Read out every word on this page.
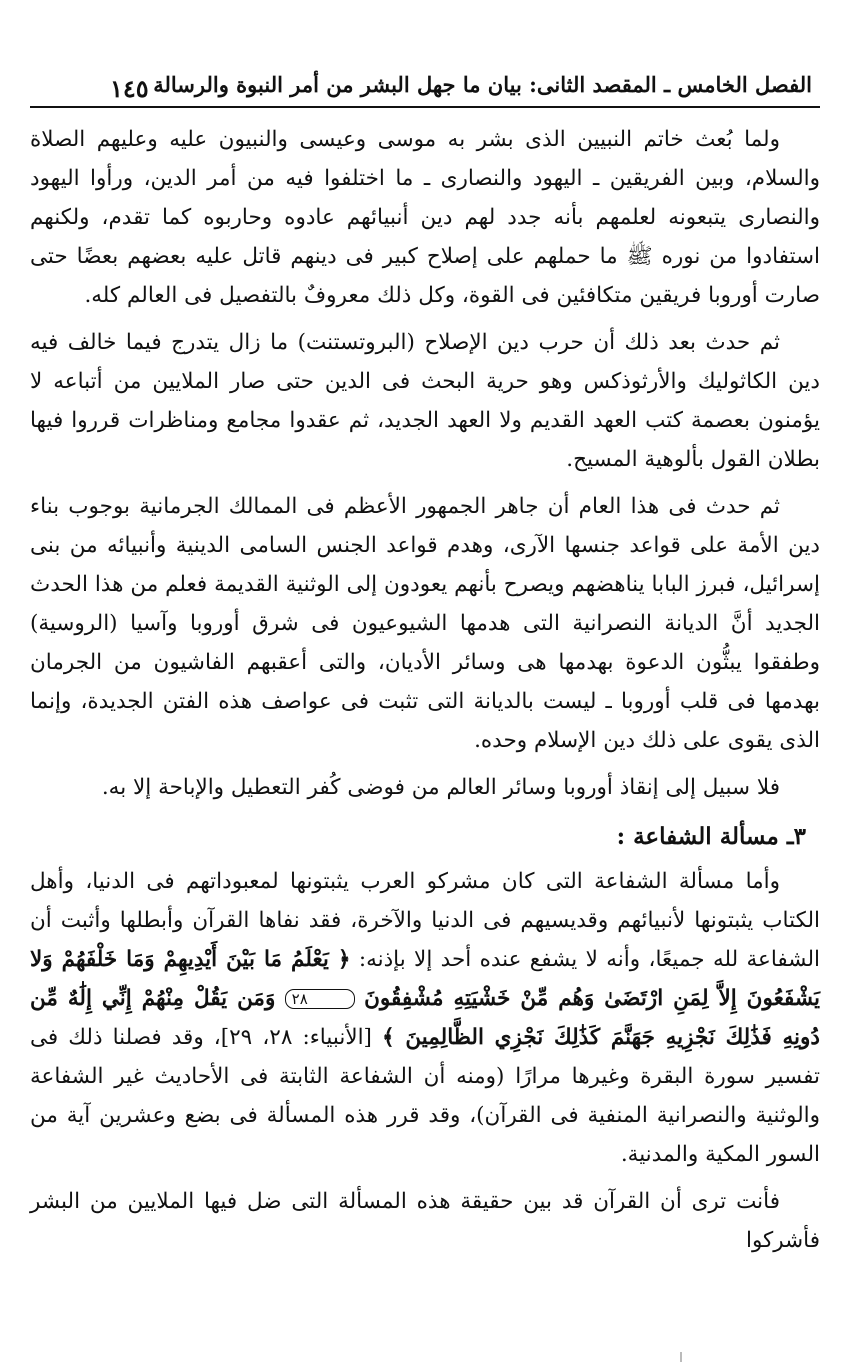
١٤٥ الفصل الخامس ـ المقصد الثانى: بيان ما جهل البشر من أمر النبوة والرسالة

ولما بُعث خاتم النبيين الذى بشر به موسى وعيسى والنبيون عليه وعليهم الصلاة والسلام، وبين الفريقين ـ اليهود والنصارى ـ ما اختلفوا فيه من أمر الدين، ورأوا اليهود والنصارى يتبعونه لعلمهم بأنه جدد لهم دين أنبيائهم عادوه وحاربوه كما تقدم، ولكنهم استفادوا من نوره ﷺ ما حملهم على إصلاح كبير فى دينهم قاتل عليه بعضهم بعضًا حتى صارت أوروبا فريقين متكافئين فى القوة، وكل ذلك معروفٌ بالتفصيل فى العالم كله.

ثم حدث بعد ذلك أن حرب دين الإصلاح (البروتستنت) ما زال يتدرج فيما خالف فيه دين الكاثوليك والأرثوذكس وهو حرية البحث فى الدين حتى صار الملايين من أتباعه لا يؤمنون بعصمة كتب العهد القديم ولا العهد الجديد، ثم عقدوا مجامع ومناظرات قرروا فيها بطلان القول بألوهية المسيح.

ثم حدث فى هذا العام أن جاهر الجمهور الأعظم فى الممالك الجرمانية بوجوب بناء دين الأمة على قواعد جنسها الآرى، وهدم قواعد الجنس السامى الدينية وأنبيائه من بنى إسرائيل، فبرز البابا يناهضهم ويصرح بأنهم يعودون إلى الوثنية القديمة فعلم من هذا الحدث الجديد أنَّ الديانة النصرانية التى هدمها الشيوعيون فى شرق أوروبا وآسيا (الروسية) وطفقوا يبثُّون الدعوة بهدمها هى وسائر الأديان، والتى أعقبهم الفاشيون من الجرمان بهدمها فى قلب أوروبا ـ ليست بالديانة التى تثبت فى عواصف هذه الفتن الجديدة، وإنما الذى يقوى على ذلك دين الإسلام وحده.

فلا سبيل إلى إنقاذ أوروبا وسائر العالم من فوضى كُفر التعطيل والإباحة إلا به.

٣ـ مسألة الشفاعة :

وأما مسألة الشفاعة التى كان مشركو العرب يثبتونها لمعبوداتهم فى الدنيا، وأهل الكتاب يثبتونها لأنبيائهم وقديسيهم فى الدنيا والآخرة، فقد نفاها القرآن وأبطلها وأثبت أن الشفاعة لله جميعًا، وأنه لا يشفع عنده أحد إلا بإذنه: ﴿ يَعْلَمُ مَا بَيْنَ أَيْدِيهِمْ وَمَا خَلْفَهُمْ وَلا يَشْفَعُونَ إِلاَّ لِمَنِ ارْتَضَىٰ وَهُم مِّنْ خَشْيَتِهِ مُشْفِقُونَ ٢٨ وَمَن يَقُلْ مِنْهُمْ إِنِّي إِلَٰهٌ مِّن دُونِهِ فَذَٰلِكَ نَجْزِيهِ جَهَنَّمَ كَذَٰلِكَ نَجْزِي الظَّالِمِينَ ﴾ [الأنبياء: ٢٨، ٢٩]، وقد فصلنا ذلك فى تفسير سورة البقرة وغيرها مرارًا (ومنه أن الشفاعة الثابتة فى الأحاديث غير الشفاعة والوثنية والنصرانية المنفية فى القرآن)، وقد قرر هذه المسألة فى بضع وعشرين آية من السور المكية والمدنية.

فأنت ترى أن القرآن قد بين حقيقة هذه المسألة التى ضل فيها الملايين من البشر فأشركوا
